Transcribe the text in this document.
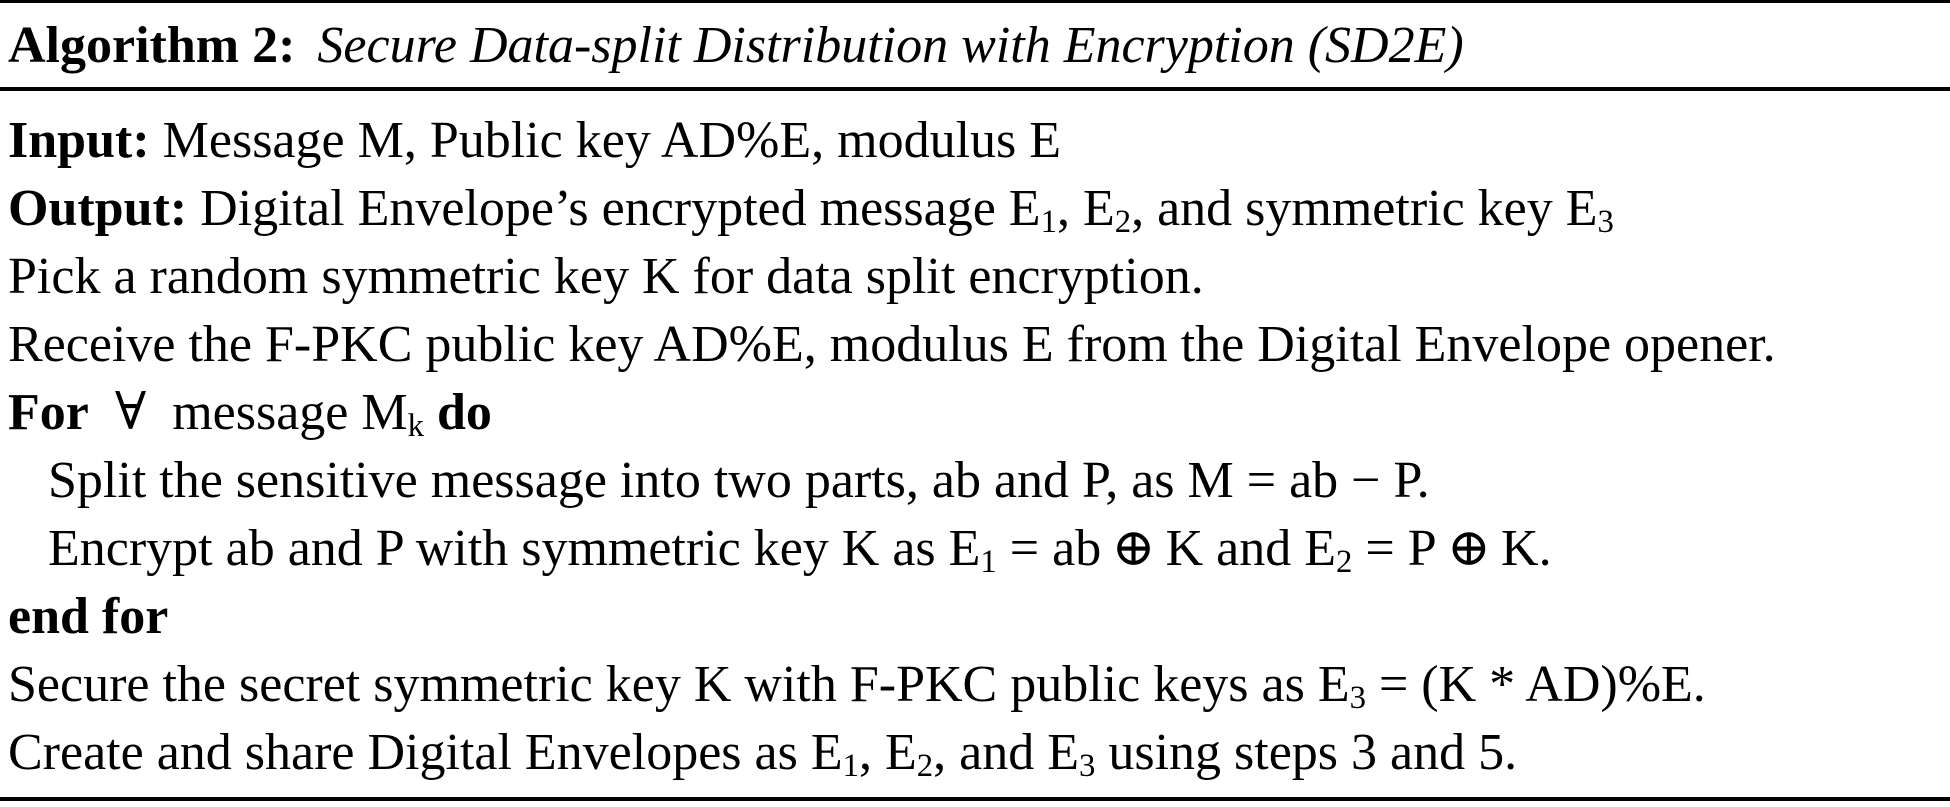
Algorithm 2: Secure Data-split Distribution with Encryption (SD2E)
Input: Message M, Public key AD%E, modulus E
Output: Digital Envelope’s encrypted message E1, E2, and symmetric key E3
Pick a random symmetric key K for data split encryption.
Receive the F-PKC public key AD%E, modulus E from the Digital Envelope opener.
For ∀ message Mk do
Split the sensitive message into two parts, ab and P, as M = ab − P.
Encrypt ab and P with symmetric key K as E1 = ab ⊕ K and E2 = P ⊕ K.
end for
Secure the secret symmetric key K with F-PKC public keys as E3 = (K * AD)%E.
Create and share Digital Envelopes as E1, E2, and E3 using steps 3 and 5.
